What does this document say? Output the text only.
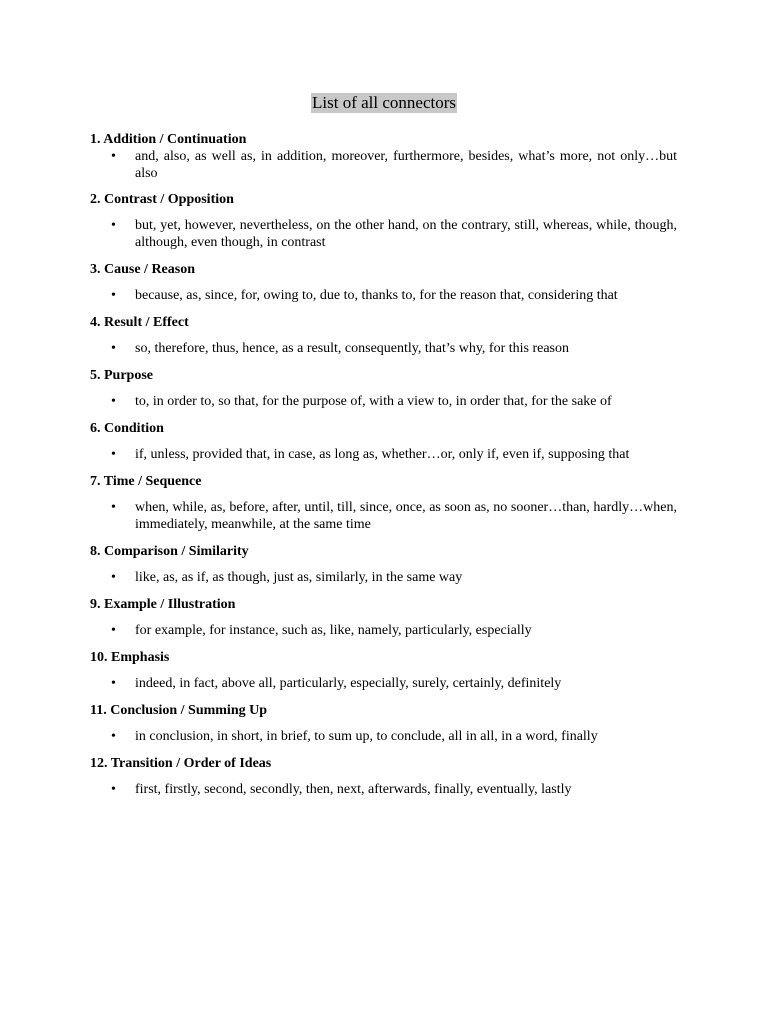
List of all connectors

1. Addition / Continuation

• and, also, as well as, in addition, moreover, furthermore, besides, what’s more, not only…but also

2. Contrast / Opposition

• but, yet, however, nevertheless, on the other hand, on the contrary, still, whereas, while, though, although, even though, in contrast

3. Cause / Reason

• because, as, since, for, owing to, due to, thanks to, for the reason that, considering that

4. Result / Effect

• so, therefore, thus, hence, as a result, consequently, that’s why, for this reason

5. Purpose

• to, in order to, so that, for the purpose of, with a view to, in order that, for the sake of

6. Condition

• if, unless, provided that, in case, as long as, whether…or, only if, even if, supposing that

7. Time / Sequence

• when, while, as, before, after, until, till, since, once, as soon as, no sooner…than, hardly…when, immediately, meanwhile, at the same time

8. Comparison / Similarity

• like, as, as if, as though, just as, similarly, in the same way

9. Example / Illustration

• for example, for instance, such as, like, namely, particularly, especially

10. Emphasis

• indeed, in fact, above all, particularly, especially, surely, certainly, definitely

11. Conclusion / Summing Up

• in conclusion, in short, in brief, to sum up, to conclude, all in all, in a word, finally

12. Transition / Order of Ideas

• first, firstly, second, secondly, then, next, afterwards, finally, eventually, lastly
